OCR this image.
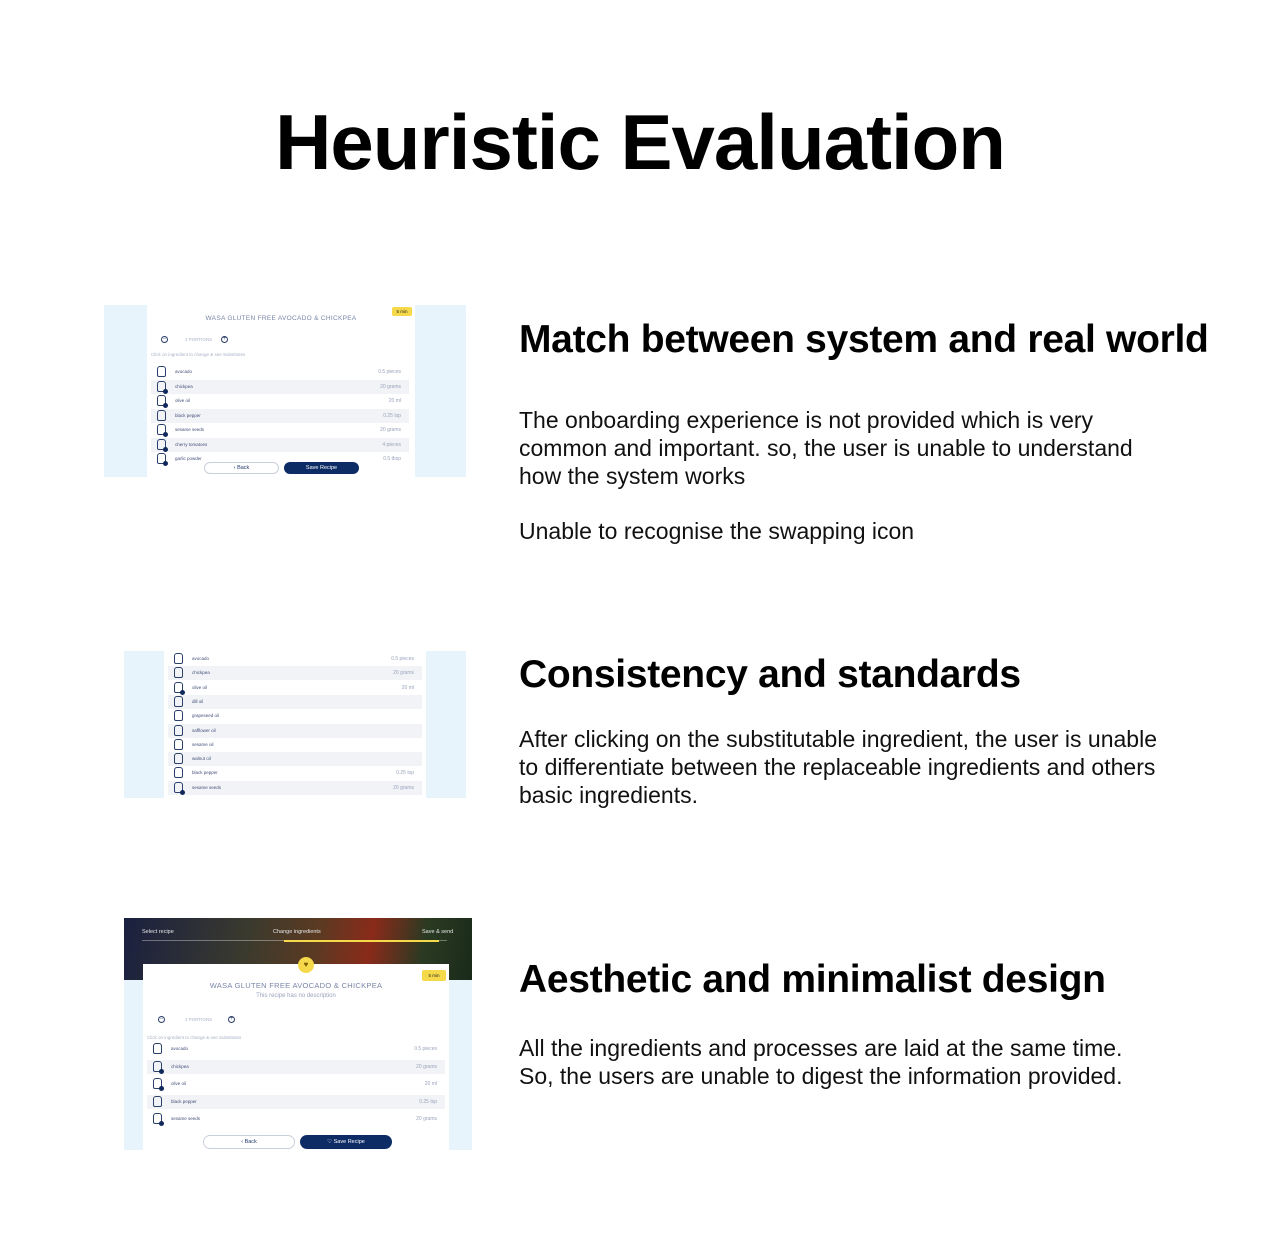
Heuristic Evaluation
WASA GLUTEN FREE AVOCADO & CHICKPEA
5 min
−	2 PORTIONS +
Click on ingredient to change & see Substitutes
avocado	0.5 pieces
chickpea	20 grams
olive oil	20 ml
black pepper	0.25 tsp
sesame seeds	20 grams
cherry tomatoes	4 pieces
garlic powder	0.5 tbsp
‹ Back	Save Recipe
Match between system and real world

The onboarding experience is not provided which is very common and important. so, the user is unable to understand how the system works

Unable to recognise the swapping icon

avocado	0.5 pieces
chickpea	20 grams
olive oil	20 ml
dill oil
grapeseed oil
safflower oil
sesame oil
walnut oil
black pepper	0.25 tsp
sesame seeds	20 grams
Consistency and standards

After clicking on the substitutable ingredient, the user is unable to differentiate between the replaceable ingredients and others basic ingredients.

Select recipe	Change ingredients	Save & send
5 min
WASA GLUTEN FREE AVOCADO & CHICKPEA
This recipe has no description
−	2 PORTIONS	+
Click on ingredient to change & see Substitutes
avocado	0.5 pieces
chickpea	20 grams
olive oil	20 ml
black pepper	0.25 tsp
sesame seeds	20 grams
‹ Back	♡ Save Recipe
♥	Aesthetic and minimalist design

All the ingredients and processes are laid at the same time. So, the users are unable to digest the information provided.
